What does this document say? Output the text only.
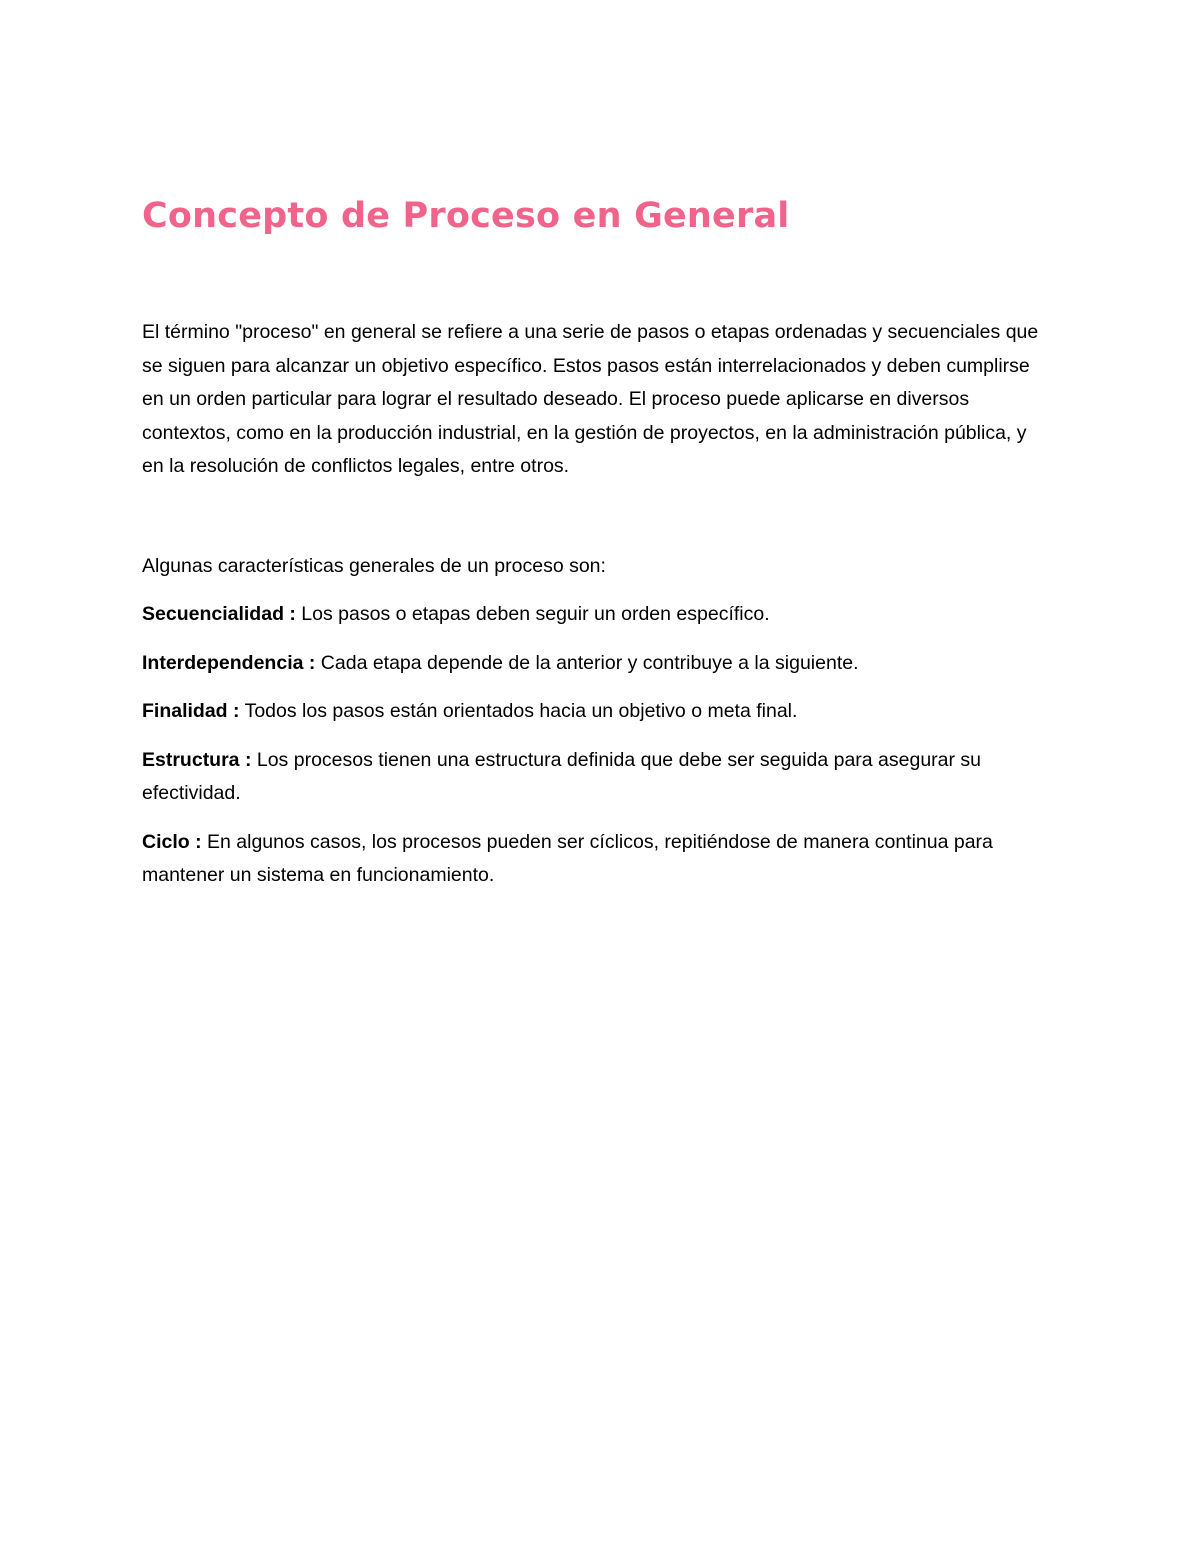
Concepto de Proceso en General

El término "proceso" en general se refiere a una serie de pasos o etapas ordenadas y secuenciales que se siguen para alcanzar un objetivo específico. Estos pasos están interrelacionados y deben cumplirse en un orden particular para lograr el resultado deseado. El proceso puede aplicarse en diversos contextos, como en la producción industrial, en la gestión de proyectos, en la administración pública, y en la resolución de conflictos legales, entre otros.

Algunas características generales de un proceso son:

Secuencialidad : Los pasos o etapas deben seguir un orden específico.

Interdependencia : Cada etapa depende de la anterior y contribuye a la siguiente.

Finalidad : Todos los pasos están orientados hacia un objetivo o meta final.

Estructura : Los procesos tienen una estructura definida que debe ser seguida para asegurar su efectividad.

Ciclo : En algunos casos, los procesos pueden ser cíclicos, repitiéndose de manera continua para mantener un sistema en funcionamiento.
